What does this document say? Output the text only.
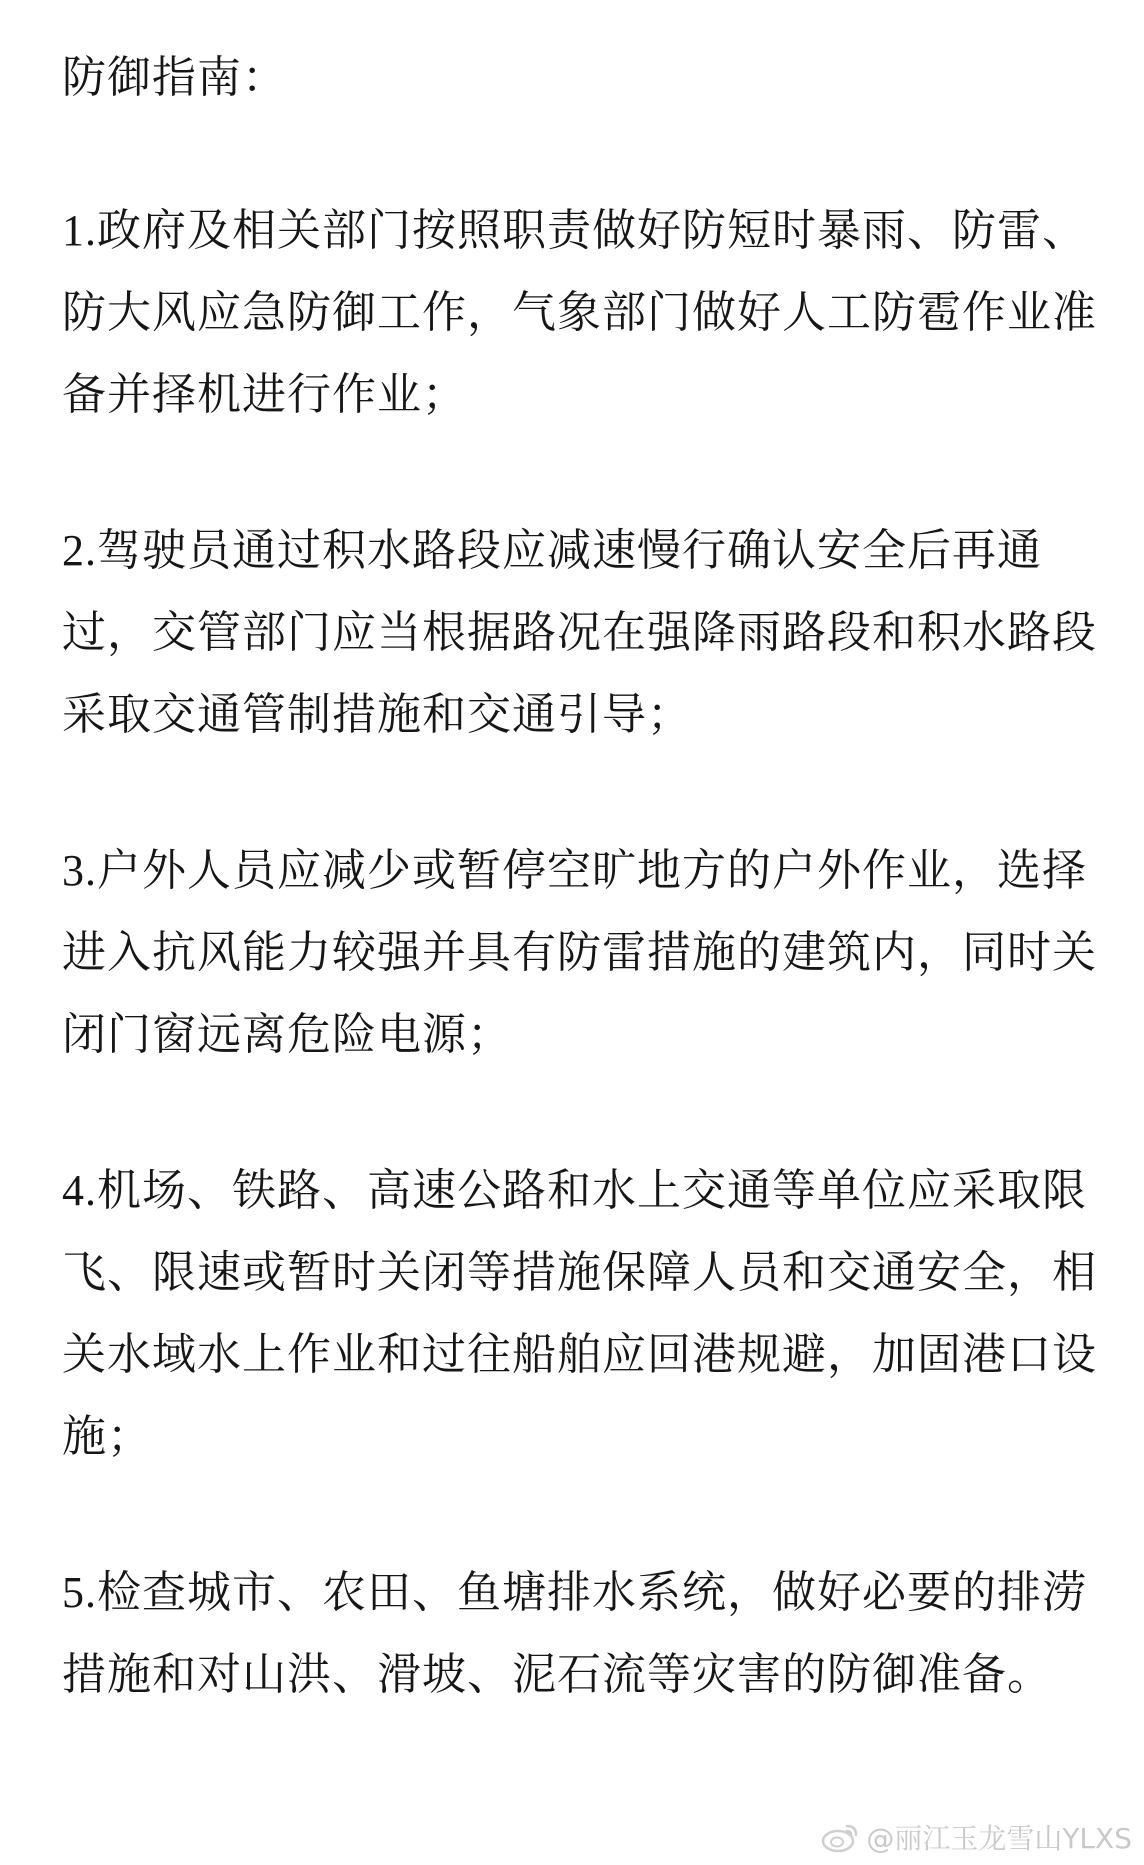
防御指南：
1.政府及相关部门按照职责做好防短时暴雨、防雷、防大风应急防御工作，气象部门做好人工防雹作业准备并择机进行作业；
2.驾驶员通过积水路段应减速慢行确认安全后再通过，交管部门应当根据路况在强降雨路段和积水路段采取交通管制措施和交通引导；
3.户外人员应减少或暂停空旷地方的户外作业，选择进入抗风能力较强并具有防雷措施的建筑内，同时关闭门窗远离危险电源；
4.机场、铁路、高速公路和水上交通等单位应采取限飞、限速或暂时关闭等措施保障人员和交通安全，相关水域水上作业和过往船舶应回港规避，加固港口设施；
5.检查城市、农田、鱼塘排水系统，做好必要的排涝措施和对山洪、滑坡、泥石流等灾害的防御准备。
@丽江玉龙雪山YLXS
